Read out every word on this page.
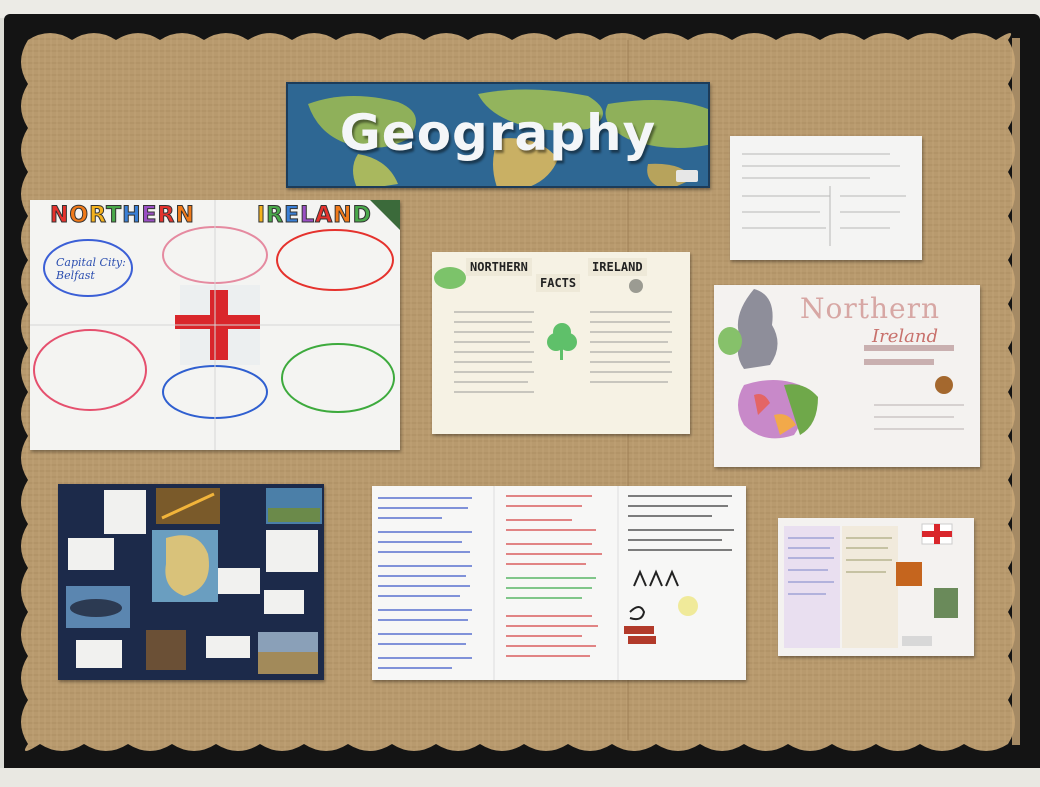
Geography
Capital City: Belfast
NORTHERN	IRELAND
NORTHERN	IRELAND
FACTS
Northern
Ireland
